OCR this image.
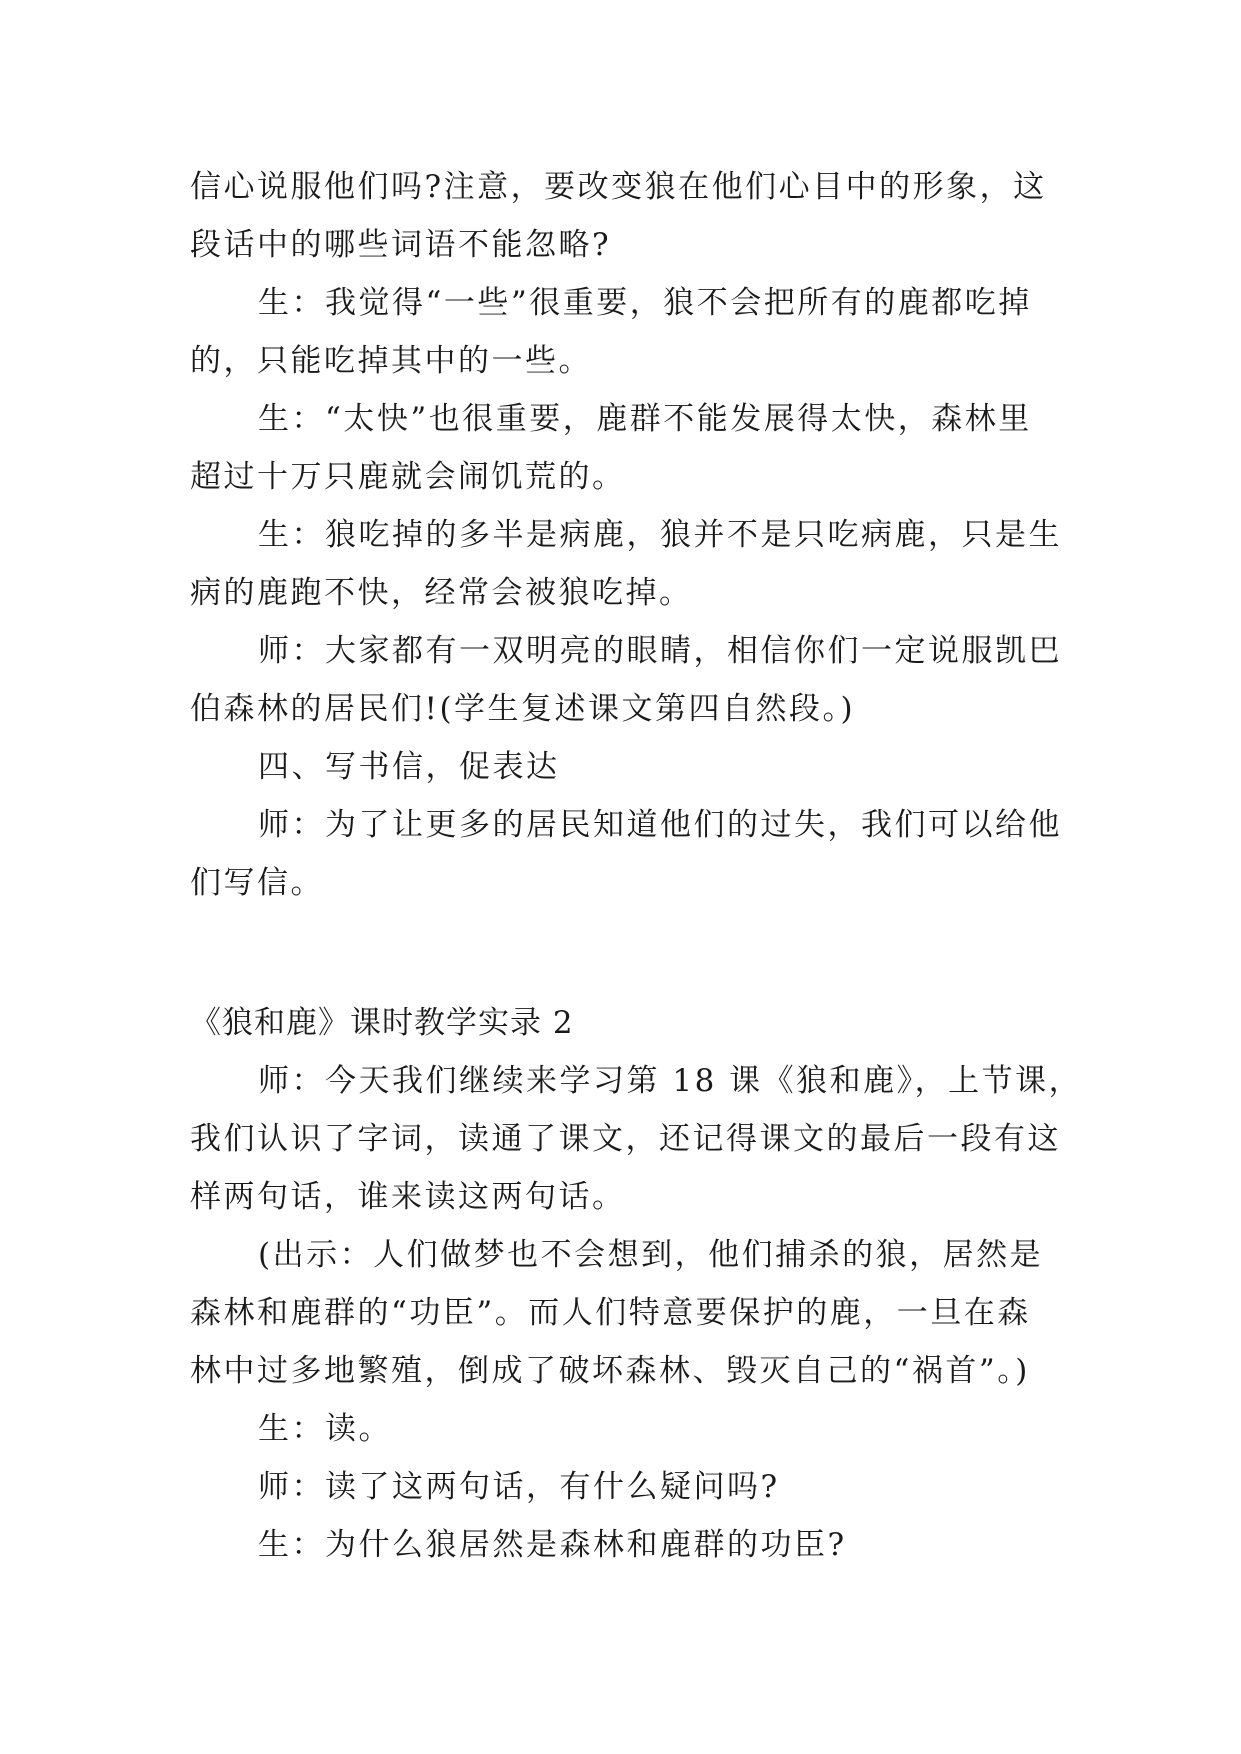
信心说服他们吗?注意，要改变狼在他们心目中的形象，这
段话中的哪些词语不能忽略?
生：我觉得“一些”很重要，狼不会把所有的鹿都吃掉
的，只能吃掉其中的一些。
生：“太快”也很重要，鹿群不能发展得太快，森林里
超过十万只鹿就会闹饥荒的。
生：狼吃掉的多半是病鹿，狼并不是只吃病鹿，只是生
病的鹿跑不快，经常会被狼吃掉。
师：大家都有一双明亮的眼睛，相信你们一定说服凯巴
伯森林的居民们!(学生复述课文第四自然段。)
四、写书信，促表达
师：为了让更多的居民知道他们的过失，我们可以给他
们写信。
《狼和鹿》课时教学实录 2
师：今天我们继续来学习第 18 课《狼和鹿》，上节课，
我们认识了字词，读通了课文，还记得课文的最后一段有这
样两句话，谁来读这两句话。
(出示：人们做梦也不会想到，他们捕杀的狼，居然是
森林和鹿群的“功臣”。而人们特意要保护的鹿，一旦在森
林中过多地繁殖，倒成了破坏森林、毁灭自己的“祸首”。)
生：读。
师：读了这两句话，有什么疑问吗?
生：为什么狼居然是森林和鹿群的功臣?
